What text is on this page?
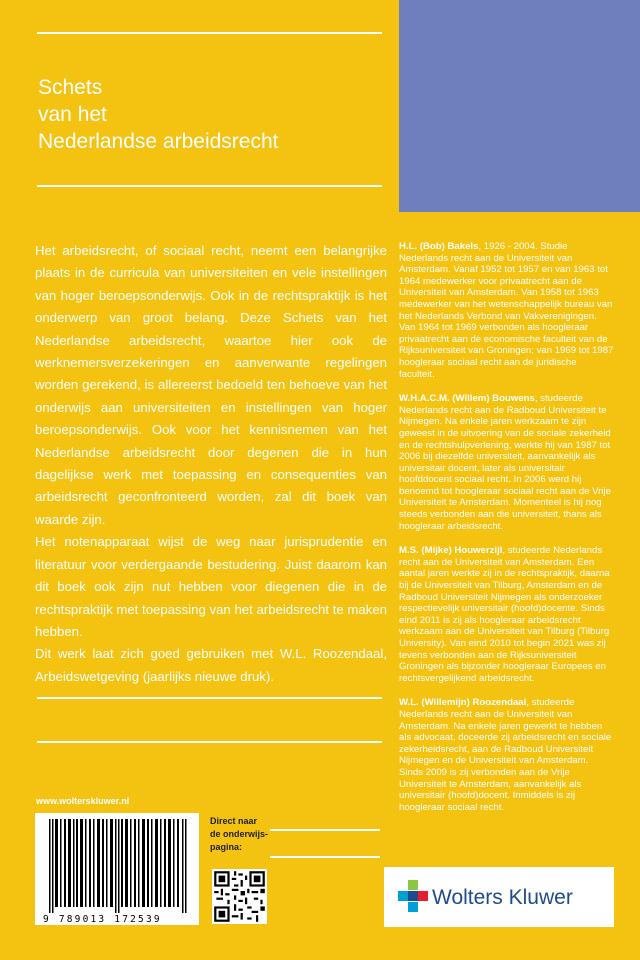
Schets
van het
Nederlandse arbeidsrecht

Het arbeidsrecht, of sociaal recht, neemt een belangrijke plaats in de curricula van universiteiten en vele instellingen van hoger beroepsonderwijs. Ook in de rechtspraktijk is het onderwerp van groot belang. Deze Schets van het Nederlandse arbeidsrecht, waartoe hier ook de werknemersverzekeringen en aanverwante regelingen worden gerekend, is allereerst bedoeld ten behoeve van het onderwijs aan universiteiten en instellingen van hoger beroepsonderwijs. Ook voor het kennisnemen van het Nederlandse arbeidsrecht door degenen die in hun dagelijkse werk met toepassing en consequenties van arbeidsrecht geconfronteerd worden, zal dit boek van waarde zijn.

Het notenapparaat wijst de weg naar jurisprudentie en literatuur voor verdergaande bestudering. Juist daarom kan dit boek ook zijn nut hebben voor diegenen die in de rechtspraktijk met toepassing van het arbeidsrecht te maken hebben.

Dit werk laat zich goed gebruiken met W.L. Roozendaal, Arbeidswetgeving (jaarlijks nieuwe druk).

H.L. (Bob) Bakels, 1926 - 2004. Studie Nederlands recht aan de Universiteit van Amsterdam. Vanaf 1952 tot 1957 en van 1963 tot 1964 medewerker voor privaatrecht aan de Universiteit van Amsterdam. Van 1958 tot 1963 medewerker van het wetenschappelijk bureau van het Nederlands Verbond van Vakverenigingen. Van 1964 tot 1969 verbonden als hoogleraar privaatrecht aan de economische faculteit van de Rijksuniversiteit van Groningen; van 1969 tot 1987 hoogleraar sociaal recht aan de juridische faculteit.

W.H.A.C.M. (Willem) Bouwens, studeerde Nederlands recht aan de Radboud Universiteit te Nijmegen. Na enkele jaren werkzaam te zijn geweest in de uitvoering van de sociale zekerheid en de rechtshulpverlening, werkte hij van 1987 tot 2006 bij diezelfde universiteit, aanvankelijk als universitair docent, later als universitair hoofddocent sociaal recht. In 2006 werd hij benoemd tot hoogleraar sociaal recht aan de Vrije Universiteit te Amsterdam. Momenteel is hij nog steeds verbonden aan die universiteit, thans als hoogleraar arbeidsrecht.

M.S. (Mijke) Houwerzijl, studeerde Nederlands recht aan de Universiteit van Amsterdam. Een aantal jaren werkte zij in de rechtspraktijk, daarna bij de Universiteit van Tilburg, Amsterdam en de Radboud Universiteit Nijmegen als onderzoeker respectievelijk universitair (hoofd)docente. Sinds eind 2011 is zij als hoogleraar arbeidsrecht werkzaam aan de Universiteit van Tilburg (Tilburg University). Van eind 2010 tot begin 2021 was zij tevens verbonden aan de Rijksuniversiteit Groningen als bijzonder hoogleraar Europees en rechtsvergelijkend arbeidsrecht.

W.L. (Willemijn) Roozendaal, studeerde Nederlands recht aan de Universiteit van Amsterdam. Na enkele jaren gewerkt te hebben als advocaat, doceerde zij arbeidsrecht en sociale zekerheidsrecht, aan de Radboud Universiteit Nijmegen en de Universiteit van Amsterdam. Sinds 2009 is zij verbonden aan de Vrije Universiteit te Amsterdam, aanvankelijk als universitair (hoofd)docent. Inmiddels is zij hoogleraar sociaal recht.

www.wolterskluwer.nl
9 789013 172539
Direct naar
de onderwijs-
pagina:
Wolters Kluwer
